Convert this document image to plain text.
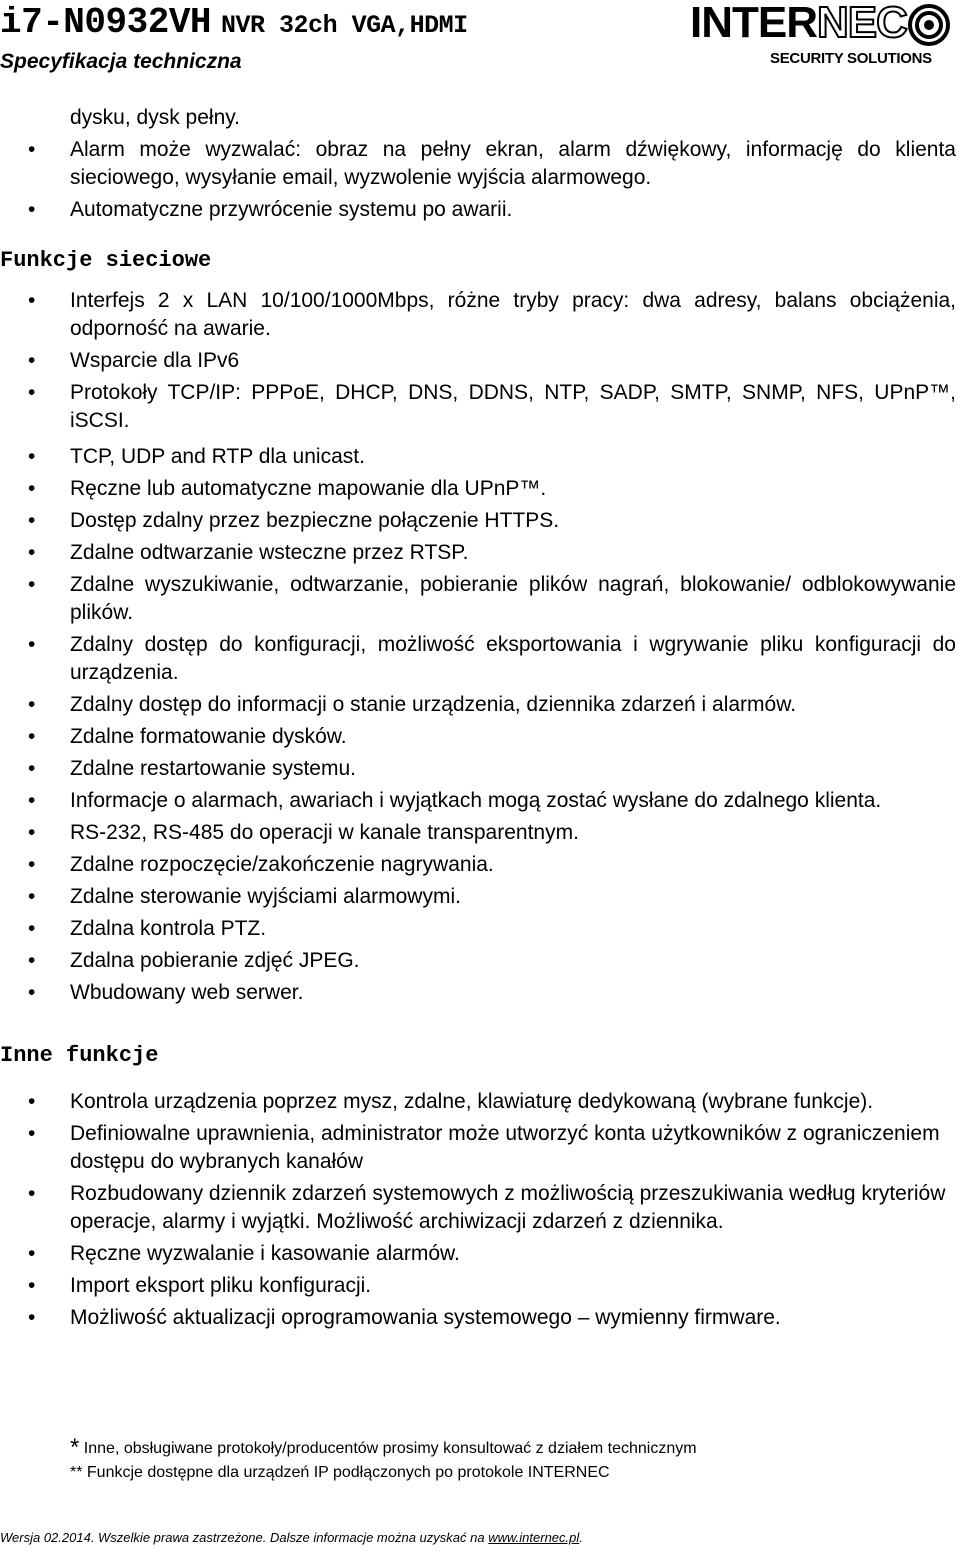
i7-N0932VH NVR 32ch VGA,HDMI
Specyfikacja techniczna
INTERNEC
SECURITY SOLUTIONS
dysku, dysk pełny.
•	Alarm może wyzwalać: obraz na pełny ekran, alarm dźwiękowy, informację do klienta sieciowego, wysyłanie email, wyzwolenie wyjścia alarmowego.
•	Automatyczne przywrócenie systemu po awarii.
Funkcje sieciowe
•	Interfejs 2 x LAN 10/100/1000Mbps, różne tryby pracy: dwa adresy, balans obciążenia, odporność na awarie.
•	Wsparcie dla IPv6
•	Protokoły TCP/IP: PPPoE, DHCP, DNS, DDNS, NTP, SADP, SMTP, SNMP, NFS, UPnP™, iSCSI.
•	TCP, UDP and RTP dla unicast.
•	Ręczne lub automatyczne mapowanie dla UPnP™.
•	Dostęp zdalny przez bezpieczne połączenie HTTPS.
•	Zdalne odtwarzanie wsteczne przez RTSP.
•	Zdalne wyszukiwanie, odtwarzanie, pobieranie plików nagrań, blokowanie/ odblokowywanie plików.
•	Zdalny dostęp do konfiguracji, możliwość eksportowania i wgrywanie pliku konfiguracji do urządzenia.
•	Zdalny dostęp do informacji o stanie urządzenia, dziennika zdarzeń i alarmów.
•	Zdalne formatowanie dysków.
•	Zdalne restartowanie systemu.
•	Informacje o alarmach, awariach i wyjątkach mogą zostać wysłane do zdalnego klienta.
•	RS-232, RS-485 do operacji w kanale transparentnym.
•	Zdalne rozpoczęcie/zakończenie nagrywania.
•	Zdalne sterowanie wyjściami alarmowymi.
•	Zdalna kontrola PTZ.
•	Zdalna pobieranie zdjęć JPEG.
•	Wbudowany web serwer.
Inne funkcje
•	Kontrola urządzenia poprzez mysz, zdalne, klawiaturę dedykowaną (wybrane funkcje).
•	Definiowalne uprawnienia, administrator może utworzyć konta użytkowników z ograniczeniem dostępu do wybranych kanałów
•	Rozbudowany dziennik zdarzeń systemowych z możliwością przeszukiwania według kryteriów operacje, alarmy i wyjątki. Możliwość archiwizacji zdarzeń z dziennika.
•	Ręczne wyzwalanie i kasowanie alarmów.
•	Import eksport pliku konfiguracji.
•	Możliwość aktualizacji oprogramowania systemowego – wymienny firmware.
* Inne, obsługiwane protokoły/producentów prosimy konsultować z działem technicznym
** Funkcje dostępne dla urządzeń IP podłączonych po protokole INTERNEC
Wersja 02.2014. Wszelkie prawa zastrzeżone. Dalsze informacje można uzyskać na www.internec.pl.
